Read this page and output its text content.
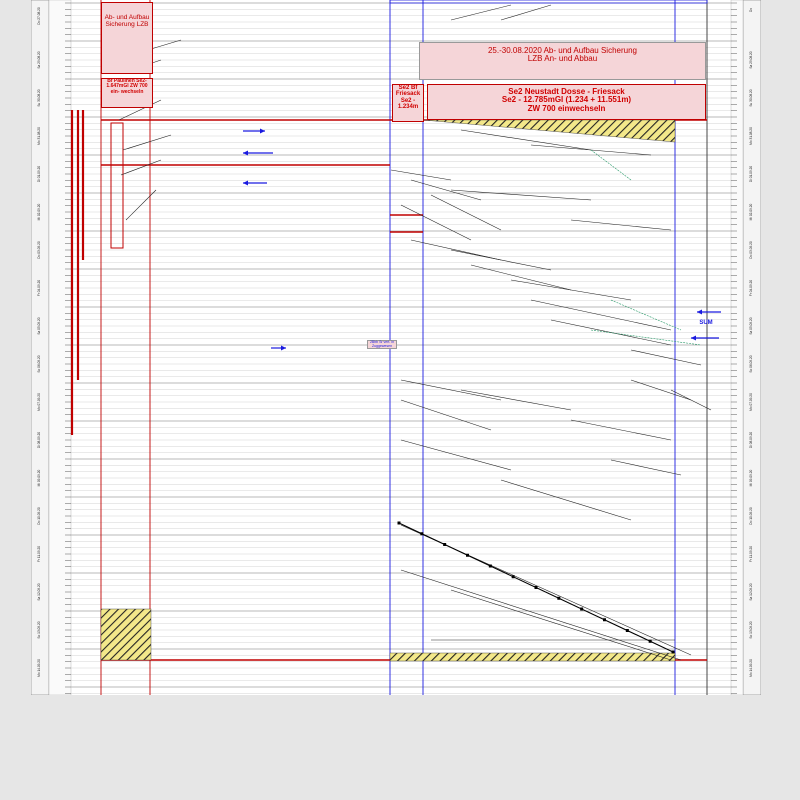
Do 27.08.20	Do
Sa 29.08.20	Sa 29.08.20
Su 30.08.20	Su 30.08.20
Mo 31.08.20	Mo 31.08.20
Di 01.09.20	Di 01.09.20
Mi 02.09.20	Mi 02.09.20
Do 03.09.20	Do 03.09.20
Fr 04.09.20	Fr 04.09.20
Sa 05.09.20	Sa 05.09.20
So 06.09.20	So 06.09.20
Mo 07.09.20	Mo 07.09.20
Di 08.09.20	Di 08.09.20
Mi 09.09.20	Mi 09.09.20
Do 10.09.20	Do 10.09.20
Fr 11.09.20	Fr 11.09.20
Sa 12.09.20	Sa 12.09.20
So 13.09.20	So 13.09.20
Mo 14.09.20	Mo 14.09.20
Ab- und Aufbau Sicherung LZB
Bf Paulinen Se2-1.647mGl ZW 700 ein- wechseln
25.-30.08.2020 Ab- und Aufbau Sicherung LZB An- und Abbau
Se2 Bf Friesack Se2 - 1.234m
Se2 Neustadt Dosse - Friesack
Se2 - 12.785mGl (1.234 + 11.551m)
ZW 700 einwechseln
SUM
2Bbb Sr vert. in Zuggewesen
